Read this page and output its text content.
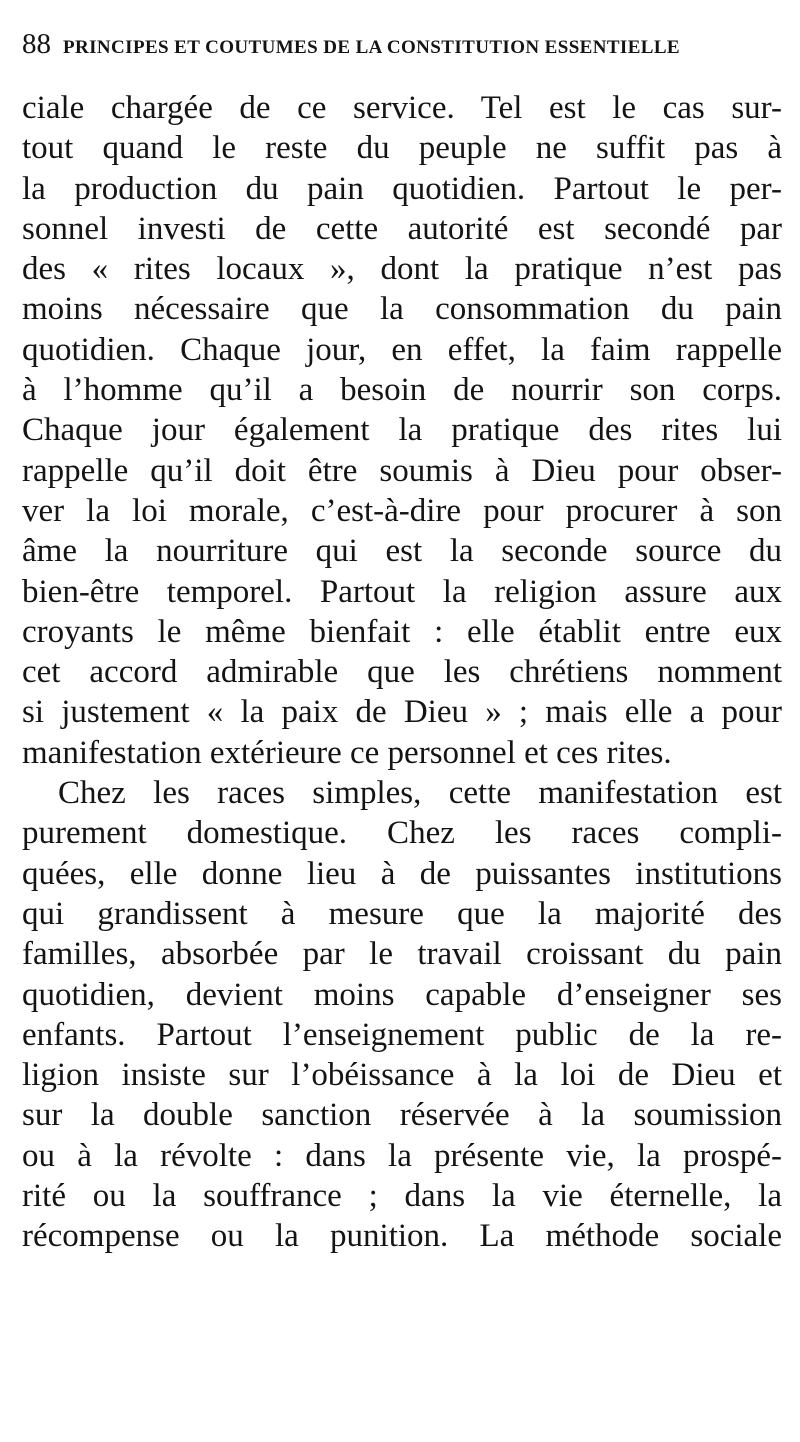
88 PRINCIPES ET COUTUMES DE LA CONSTITUTION ESSENTIELLE
ciale chargée de ce service. Tel est le cas sur-
tout quand le reste du peuple ne suffit pas à
la production du pain quotidien. Partout le per-
sonnel investi de cette autorité est secondé par
des « rites locaux », dont la pratique n’est pas
moins nécessaire que la consommation du pain
quotidien. Chaque jour, en effet, la faim rappelle
à l’homme qu’il a besoin de nourrir son corps.
Chaque jour également la pratique des rites lui
rappelle qu’il doit être soumis à Dieu pour obser-
ver la loi morale, c’est-à-dire pour procurer à son
âme la nourriture qui est la seconde source du
bien-être temporel. Partout la religion assure aux
croyants le même bienfait : elle établit entre eux
cet accord admirable que les chrétiens nomment
si justement « la paix de Dieu » ; mais elle a pour
manifestation extérieure ce personnel et ces rites.
Chez les races simples, cette manifestation est
purement domestique. Chez les races compli-
quées, elle donne lieu à de puissantes institutions
qui grandissent à mesure que la majorité des
familles, absorbée par le travail croissant du pain
quotidien, devient moins capable d’enseigner ses
enfants. Partout l’enseignement public de la re-
ligion insiste sur l’obéissance à la loi de Dieu et
sur la double sanction réservée à la soumission
ou à la révolte : dans la présente vie, la prospé-
rité ou la souffrance ; dans la vie éternelle, la
récompense ou la punition. La méthode sociale
